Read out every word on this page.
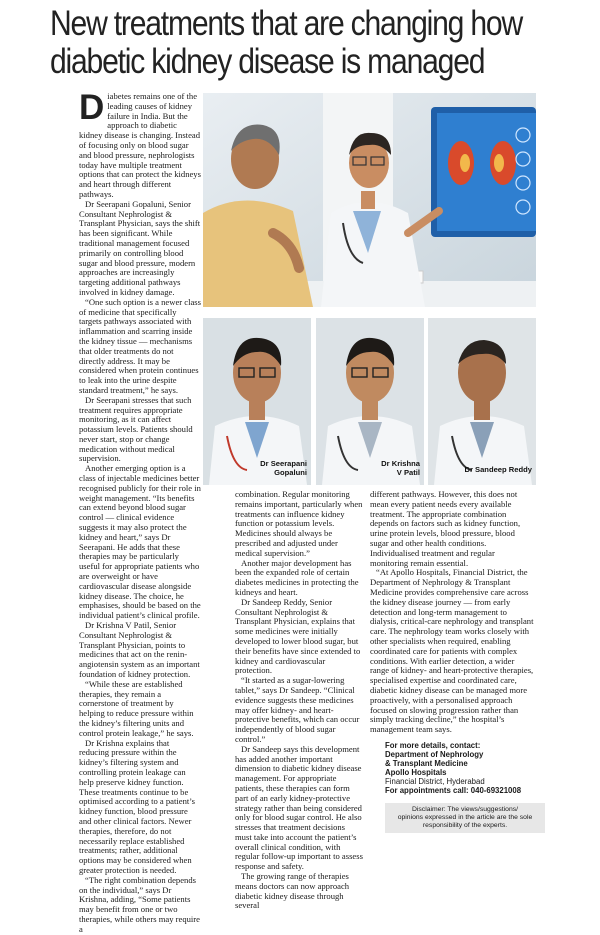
New treatments that are changing how
diabetic kidney disease is managed

Diabetes remains one of the leading causes of kidney failure in India. But the approach to diabetic kidney disease is changing. Instead of focusing only on blood sugar and blood pressure, nephrologists today have multiple treatment options that can protect the kidneys and heart through different pathways.

Dr Seerapani Gopaluni, Senior Consultant Nephrologist & Transplant Physician, says the shift has been significant. While traditional management focused primarily on controlling blood sugar and blood pressure, modern approaches are increasingly targeting additional pathways involved in kidney damage.

“One such option is a newer class of medicine that specifically targets pathways associated with inflammation and scarring inside the kidney tissue — mechanisms that older treatments do not directly address. It may be considered when protein continues to leak into the urine despite standard treatment,” he says.

Dr Seerapani stresses that such treatment requires appropriate monitoring, as it can affect potassium levels. Patients should never start, stop or change medication without medical supervision.

Another emerging option is a class of injectable medicines better recognised publicly for their role in weight management. “Its benefits can extend beyond blood sugar control — clinical evidence suggests it may also protect the kidney and heart,” says Dr Seerapani. He adds that these therapies may be particularly useful for appropriate patients who are overweight or have cardiovascular disease alongside kidney disease. The choice, he emphasises, should be based on the individual patient’s clinical profile.

Dr Krishna V Patil, Senior Consultant Nephrologist & Transplant Physician, points to medicines that act on the renin-angiotensin system as an important foundation of kidney protection.

“While these are established therapies, they remain a cornerstone of treatment by helping to reduce pressure within the kidney’s filtering units and control protein leakage,” he says.

Dr Krishna explains that reducing pressure within the kidney’s filtering system and controlling protein leakage can help preserve kidney function. These treatments continue to be optimised according to a patient’s kidney function, blood pressure and other clinical factors. Newer therapies, therefore, do not necessarily replace established treatments; rather, additional options may be considered when greater protection is needed.

“The right combination depends on the individual,” says Dr Krishna, adding, “Some patients may benefit from one or two therapies, while others may require a

Dr Seerapani
Gopaluni
Dr Krishna
V Patil	Dr Sandeep Reddy

combination. Regular monitoring remains important, particularly when treatments can influence kidney function or potassium levels. Medicines should always be prescribed and adjusted under medical supervision.”

Another major development has been the expanded role of certain diabetes medicines in protecting the kidneys and heart.

Dr Sandeep Reddy, Senior Consultant Nephrologist & Transplant Physician, explains that some medicines were initially developed to lower blood sugar, but their benefits have since extended to kidney and cardiovascular protection.

“It started as a sugar-lowering tablet,” says Dr Sandeep. “Clinical evidence suggests these medicines may offer kidney- and heart-protective benefits, which can occur independently of blood sugar control.”

Dr Sandeep says this development has added another important dimension to diabetic kidney disease management. For appropriate patients, these therapies can form part of an early kidney-protective strategy rather than being considered only for blood sugar control. He also stresses that treatment decisions must take into account the patient’s overall clinical condition, with regular follow-up important to assess response and safety.

The growing range of therapies means doctors can now approach diabetic kidney disease through several

different pathways. However, this does not mean every patient needs every available treatment. The appropriate combination depends on factors such as kidney function, urine protein levels, blood pressure, blood sugar and other health conditions. Individualised treatment and regular monitoring remain essential.

“At Apollo Hospitals, Financial District, the Department of Nephrology & Transplant Medicine provides comprehensive care across the kidney disease journey — from early detection and long-term management to dialysis, critical-care nephrology and transplant care. The nephrology team works closely with other specialists when required, enabling coordinated care for patients with complex conditions. With earlier detection, a wider range of kidney- and heart-protective therapies, specialised expertise and coordinated care, diabetic kidney disease can be managed more proactively, with a personalised approach focused on slowing progression rather than simply tracking decline,” the hospital’s management team says.

For more details, contact:
Department of Nephrology
& Transplant Medicine
Apollo Hospitals
Financial District, Hyderabad
For appointments call: 040-69321008
Disclaimer: The views/suggestions/
opinions expressed in the article are the sole
responsibility of the experts.
